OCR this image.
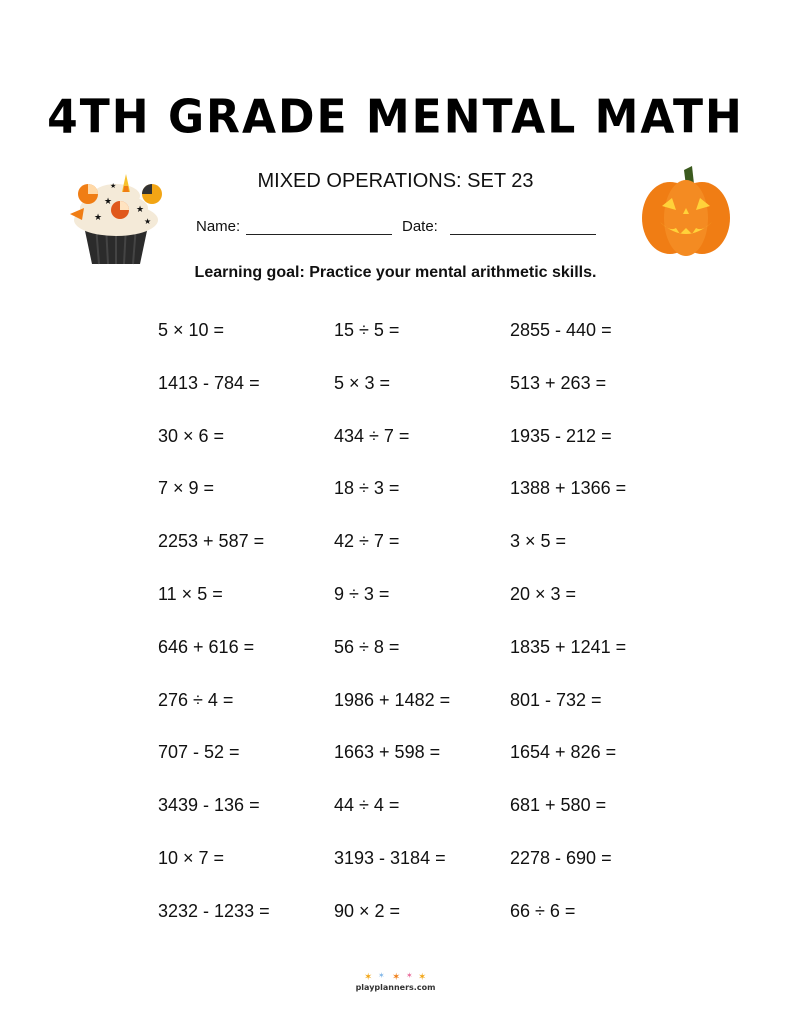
4TH GRADE MENTAL MATH
★
★
★	★
★	MIXED OPERATIONS: SET 23
Name:	Date:
Learning goal: Practice your mental arithmetic skills.
5 × 10 =	15 ÷ 5 =	2855 - 440 =
1413 - 784 =	5 × 3 =	513 + 263 =
30 × 6 =	434 ÷ 7 =	1935 - 212 =
7 × 9 =	18 ÷ 3 =	1388 + 1366 =
2253 + 587 =	42 ÷ 7 =	3 × 5 =
11 × 5 =	9 ÷ 3 =	20 × 3 =
646 + 616 =	56 ÷ 8 =	1835 + 1241 =
276 ÷ 4 =	1986 + 1482 =	801 - 732 =
707 - 52 =	1663 + 598 =	1654 + 826 =
3439 - 136 =	44 ÷ 4 =	681 + 580 =
10 × 7 =	3193 - 3184 =	2278 - 690 =
3232 - 1233 =	90 × 2 =	66 ÷ 6 =
✶ ✶ ✶ ✶ ✶
playplanners.com
